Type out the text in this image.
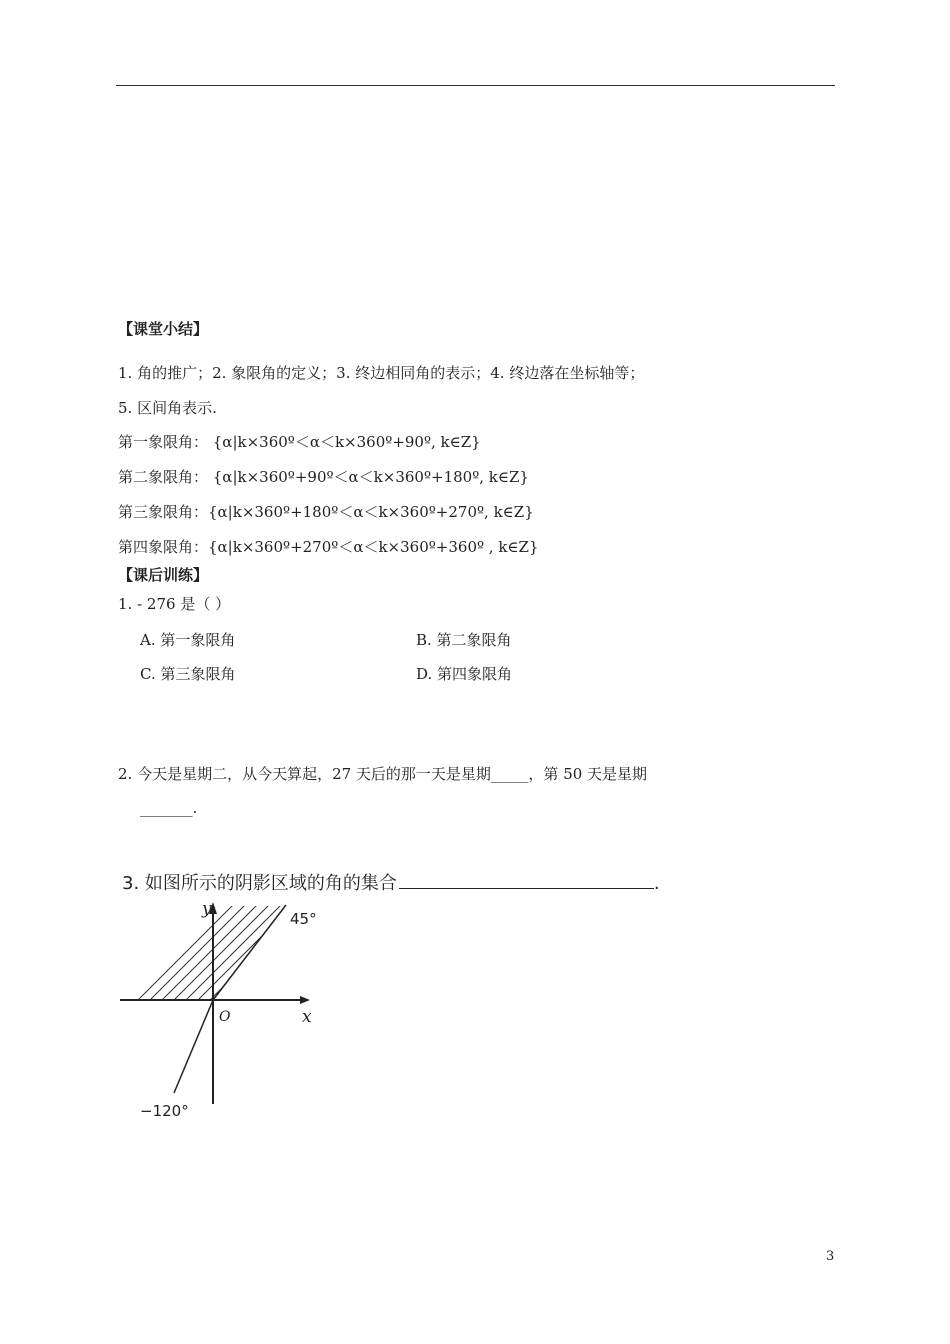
【课堂小结】
1. 角的推广；2. 象限角的定义；3. 终边相同角的表示；4. 终边落在坐标轴等；
5. 区间角表示.
第一象限角： {α|k×360º＜α＜k×360º+90º, k∈Z}
第二象限角： {α|k×360º+90º＜α＜k×360º+180º, k∈Z}
第三象限角：{α|k×360º+180º＜α＜k×360º+270º, k∈Z}
第四象限角：{α|k×360º+270º＜α＜k×360º+360º , k∈Z}
【课后训练】
1. - 276 是（ ）
A. 第一象限角	B. 第二象限角
C. 第三象限角	D. 第四象限角
2. 今天是星期二，从今天算起，27 天后的那一天是星期_____，第 50 天是星期
_______.
3. 如图所示的阴影区域的角的集合	.
y
x
O
45°
−120°
3
